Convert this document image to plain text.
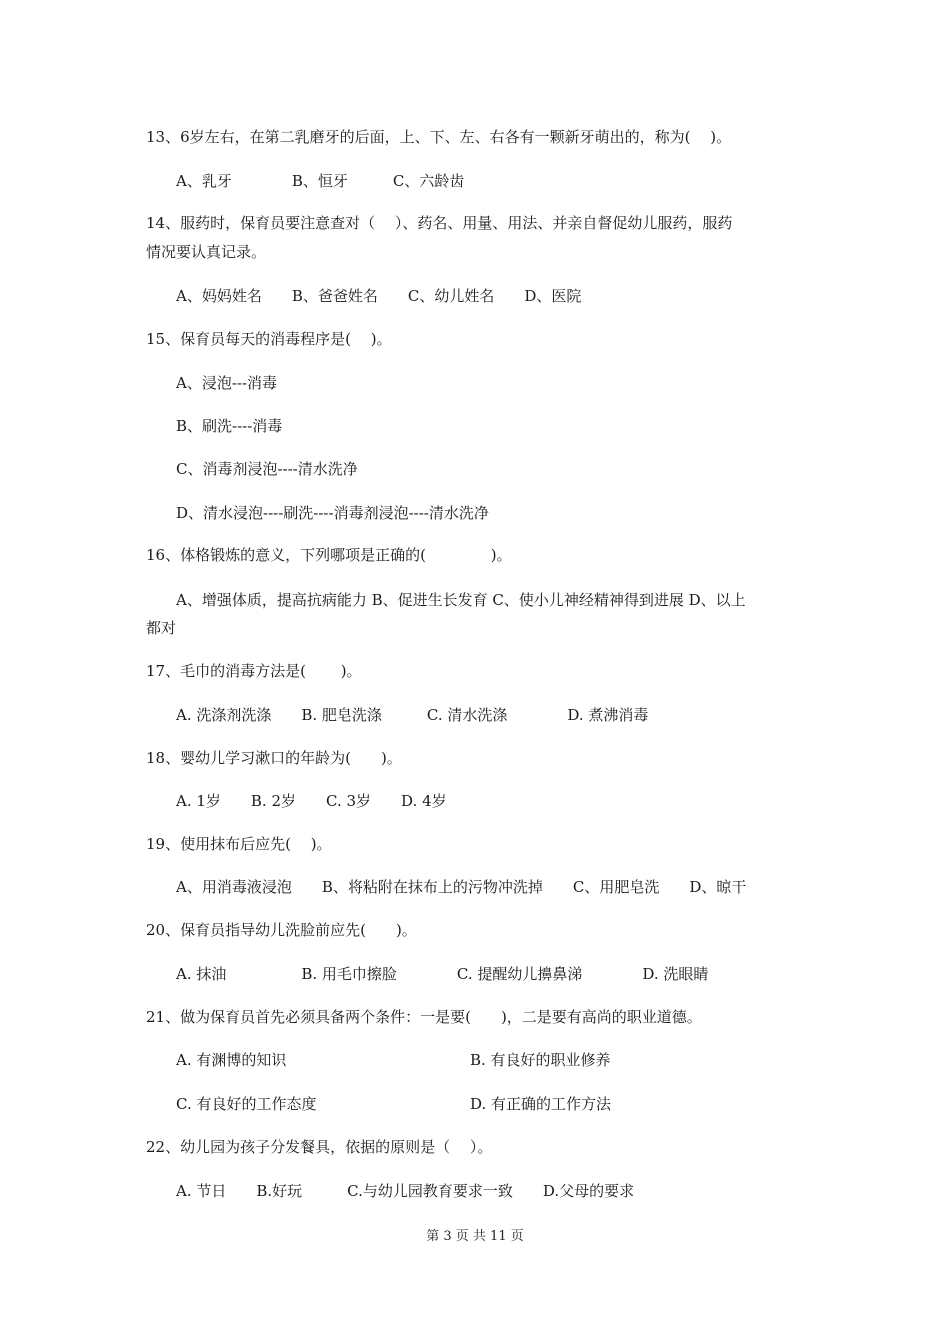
13、6岁左右，在第二乳磨牙的后面，上、下、左、右各有一颗新牙萌出的，称为(　 )。
A、乳牙　　　　B、恒牙　　　C、六龄齿
14、服药时，保育员要注意查对（　 ）、药名、用量、用法、并亲自督促幼儿服药，服药
情况要认真记录。
A、妈妈姓名　　B、爸爸姓名　　C、幼儿姓名　　D、医院
15、保育员每天的消毒程序是(　 )。
A、浸泡---消毒
B、刷洗----消毒
C、消毒剂浸泡----清水洗净
D、清水浸泡----刷洗----消毒剂浸泡----清水洗净
16、体格锻炼的意义，下列哪项是正确的(　　　　 )。
A、增强体质，提高抗病能力 B、促进生长发育 C、使小儿神经精神得到进展 D、以上
都对
17、毛巾的消毒方法是(　　 )。
A. 洗涤剂洗涤　　B. 肥皂洗涤　　　C. 清水洗涤　　　　D. 煮沸消毒
18、婴幼儿学习漱口的年龄为(　　)。
A. 1岁　　B. 2岁　　C. 3岁　　D. 4岁
19、使用抹布后应先(　 )。
A、用消毒液浸泡　　B、将粘附在抹布上的污物冲洗掉　　C、用肥皂洗　　D、晾干
20、保育员指导幼儿洗脸前应先(　　)。
A. 抹油　　　　　B. 用毛巾擦脸　　　　C. 提醒幼儿擤鼻涕　　　　D. 洗眼睛
21、做为保育员首先必须具备两个条件：一是要(　　)，二是要有高尚的职业道德。
A. 有渊博的知识	B. 有良好的职业修养
C. 有良好的工作态度	D. 有正确的工作方法
22、幼儿园为孩子分发餐具，依据的原则是（　 ）。
A. 节日　　B.好玩　　　C.与幼儿园教育要求一致　　D.父母的要求
第 3 页 共 11 页
